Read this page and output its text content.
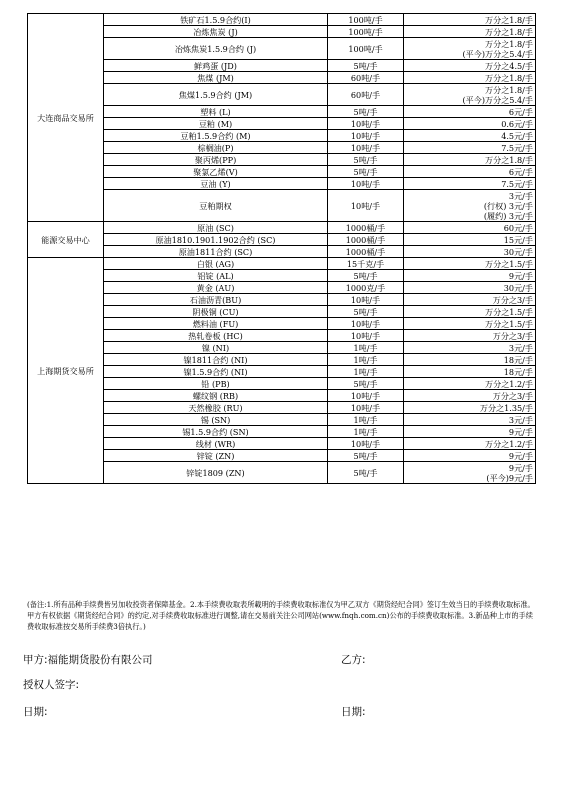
大连商品交易所	铁矿石1.5.9合约(I)	100吨/手	万分之1.8/手

	冶炼焦炭 (J)	100吨/手	万分之1.8/手

	冶炼焦炭1.5.9合约 (J)	100吨/手	万分之1.8/手
(平今)万分之5.4/手

	鲜鸡蛋 (JD)	5吨/手	万分之4.5/手

	焦煤 (JM)	60吨/手	万分之1.8/手

	焦煤1.5.9合约 (JM)	60吨/手	万分之1.8/手
(平今)万分之5.4/手

	塑料 (L)	5吨/手	6元/手

	豆粕 (M)	10吨/手	0.6元/手

	豆粕1.5.9合约 (M)	10吨/手	4.5元/手

	棕榈油(P)	10吨/手	7.5元/手

	聚丙烯(PP)	5吨/手	万分之1.8/手

	聚氯乙烯(V)	5吨/手	6元/手

	豆油 (Y)	10吨/手	7.5元/手

	豆粕期权	10吨/手	3元/手
(行权) 3元/手
(履约) 3元/手

能源交易中心	原油 (SC)	1000桶/手	60元/手

	原油1810.1901.1902合约 (SC)	1000桶/手	15元/手

	原油1811合约 (SC)	1000桶/手	30元/手

上海期货交易所	白银 (AG)	15千克/手	万分之1.5/手

	铝锭 (AL)	5吨/手	9元/手

	黄金 (AU)	1000克/手	30元/手

	石油沥青(BU)	10吨/手	万分之3/手

	阴极铜 (CU)	5吨/手	万分之1.5/手

	燃料油 (FU)	10吨/手	万分之1.5/手

	热轧卷板 (HC)	10吨/手	万分之3/手

	镍 (NI)	1吨/手	3元/手

	镍1811合约 (NI)	1吨/手	18元/手

	镍1.5.9合约 (NI)	1吨/手	18元/手

	铅 (PB)	5吨/手	万分之1.2/手

	螺纹钢 (RB)	10吨/手	万分之3/手

	天然橡胶 (RU)	10吨/手	万分之1.35/手

	锡 (SN)	1吨/手	3元/手

	锡1.5.9合约 (SN)	1吨/手	9元/手

	线材 (WR)	10吨/手	万分之1.2/手

	锌锭 (ZN)	5吨/手	9元/手

	锌锭1809 (ZN)	5吨/手	9元/手
(平今)9元/手
(备注:1.所有品种手续费皆另加收投资者保障基金。2.本手续费收取表所載明的手续费收取标准仅为甲乙双方《期货经纪合同》签订生效当日的手续费收取标准。甲方有权依据《期货经纪合同》的约定,对手续费收取标准进行调整,请在交易前关注公司网站(www.fnqh.com.cn)公布的手续费收取标准。3.新品种上市的手续费收取标准按交易所手续费3倍执行。)
甲方:福能期货股份有限公司	乙方:
授权人签字:
日期:	日期:
